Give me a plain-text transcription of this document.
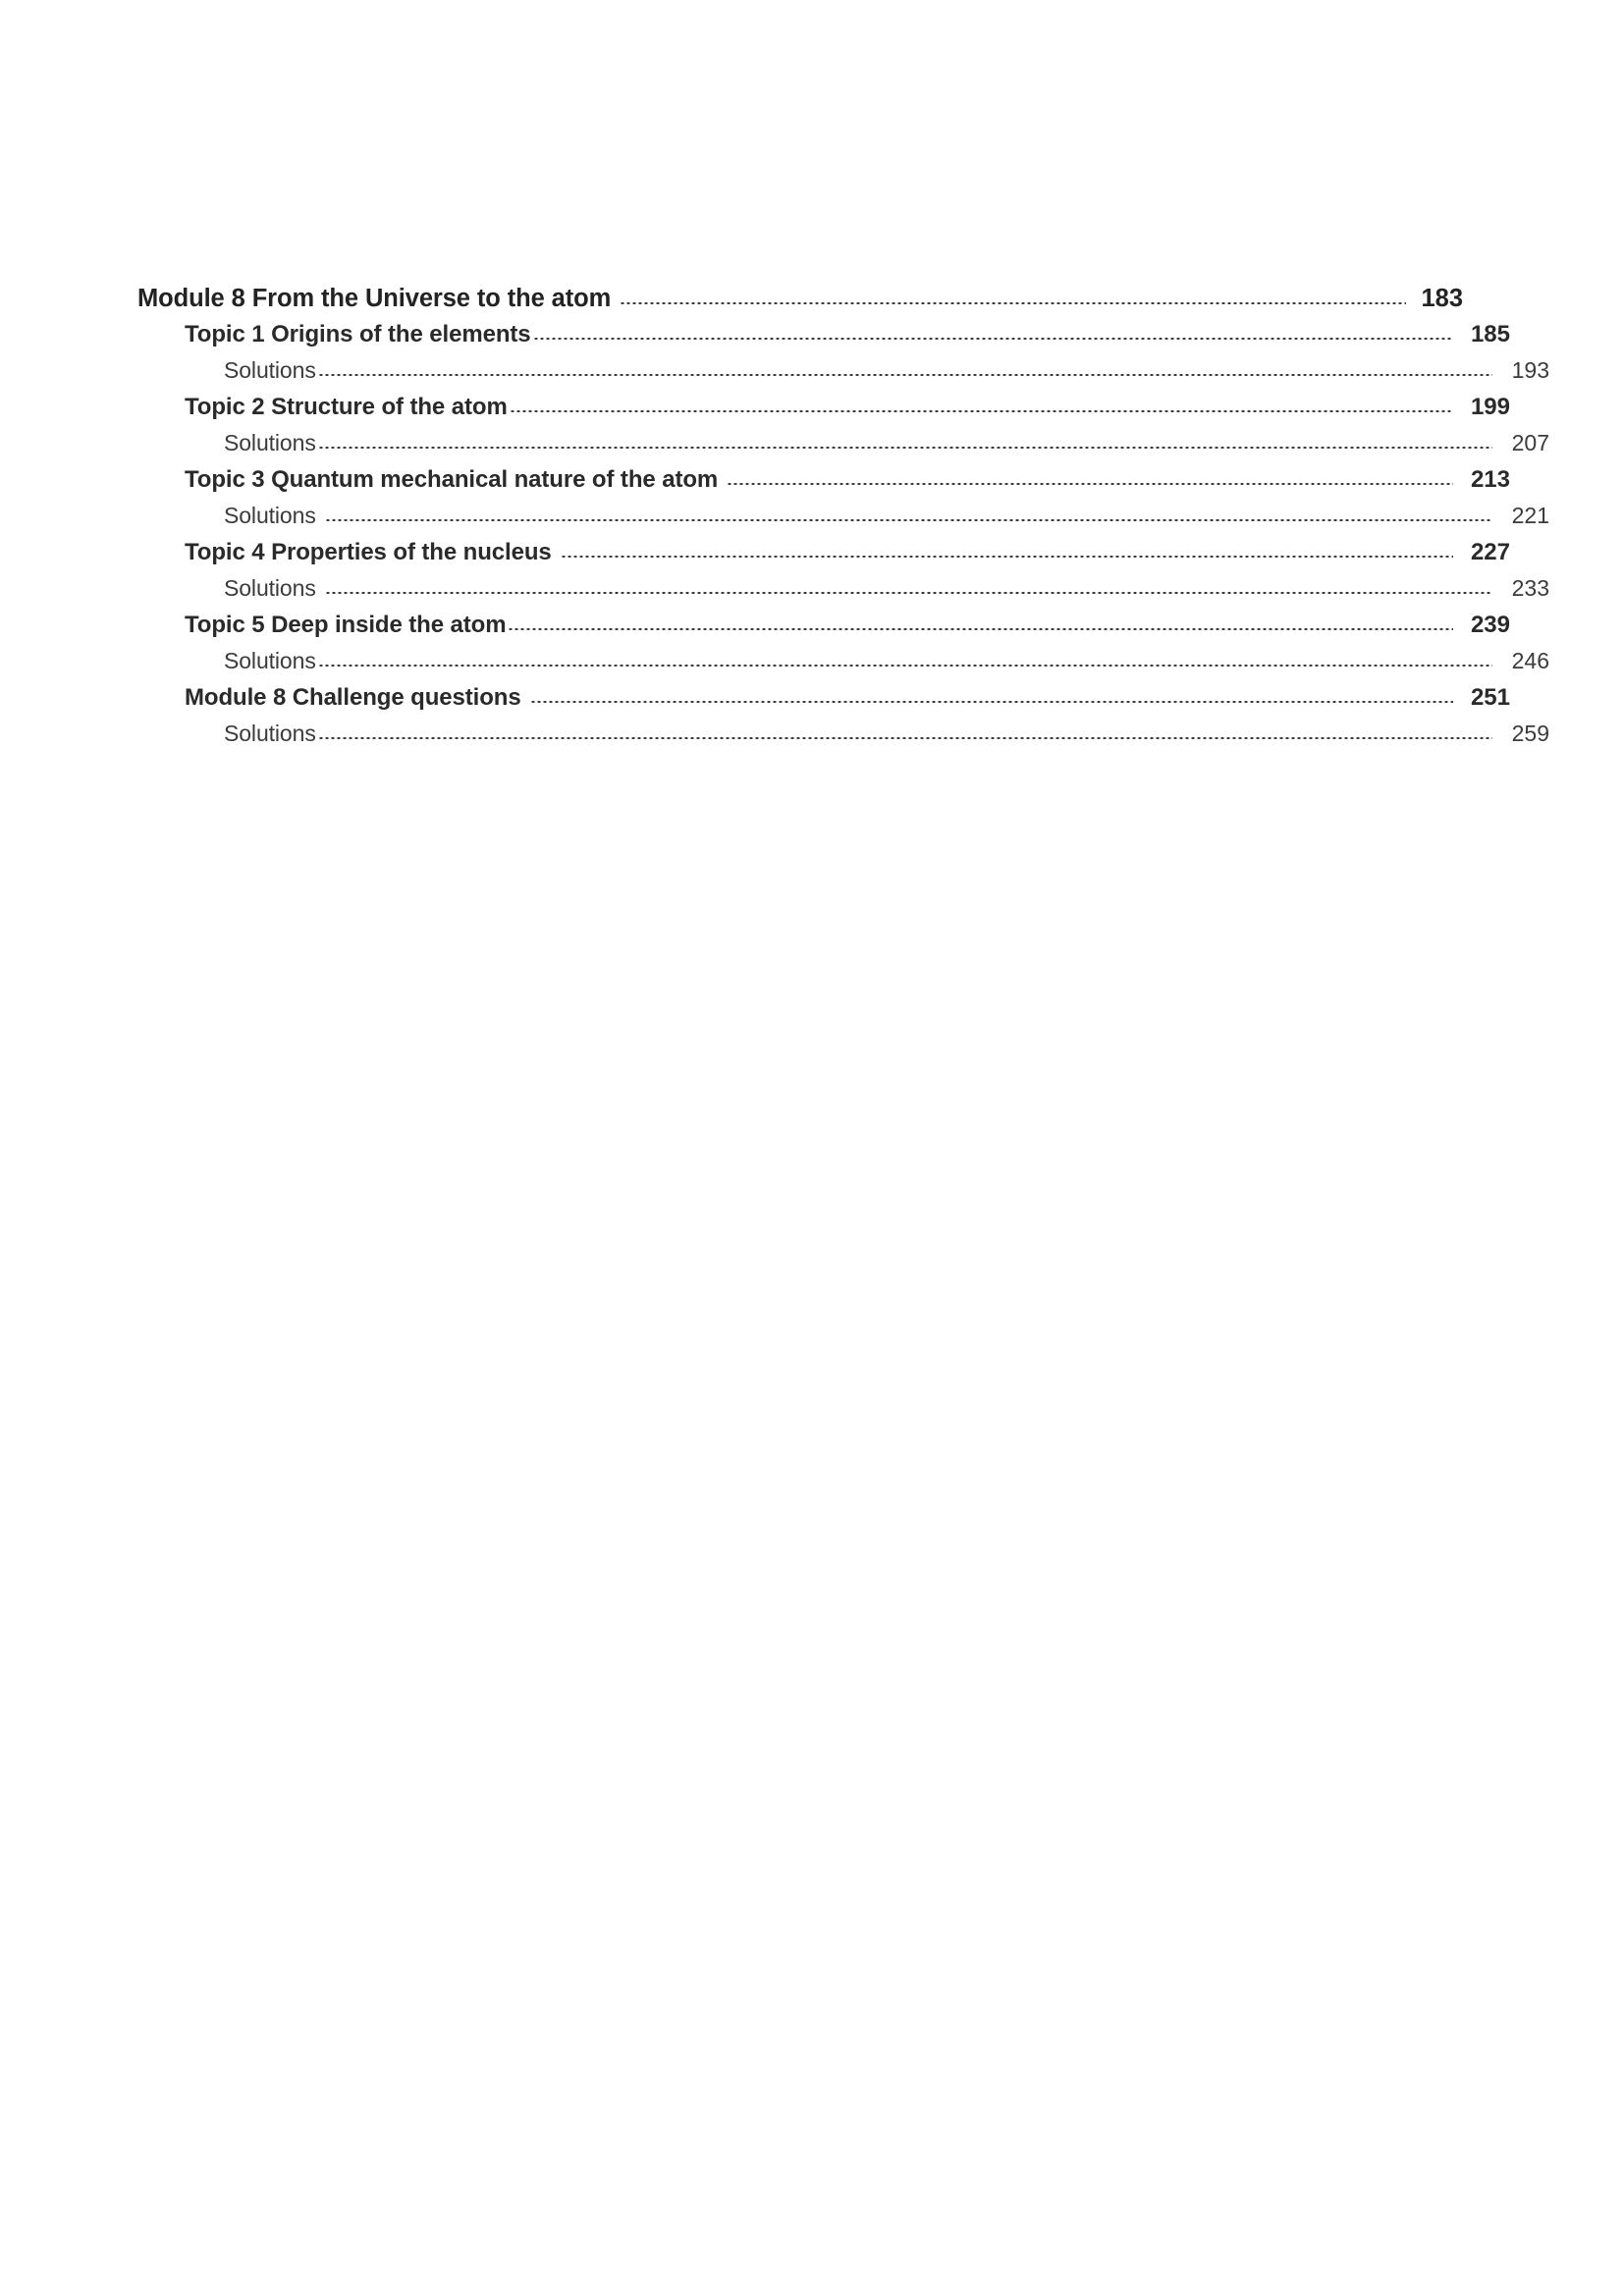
Module 8 From the Universe to the atom	183
Topic 1 Origins of the elements	185
Solutions	193
Topic 2 Structure of the atom	199
Solutions	207
Topic 3 Quantum mechanical nature of the atom	213
Solutions	221
Topic 4 Properties of the nucleus	227
Solutions	233
Topic 5 Deep inside the atom	239
Solutions	246
Module 8 Challenge questions	251
Solutions	259
